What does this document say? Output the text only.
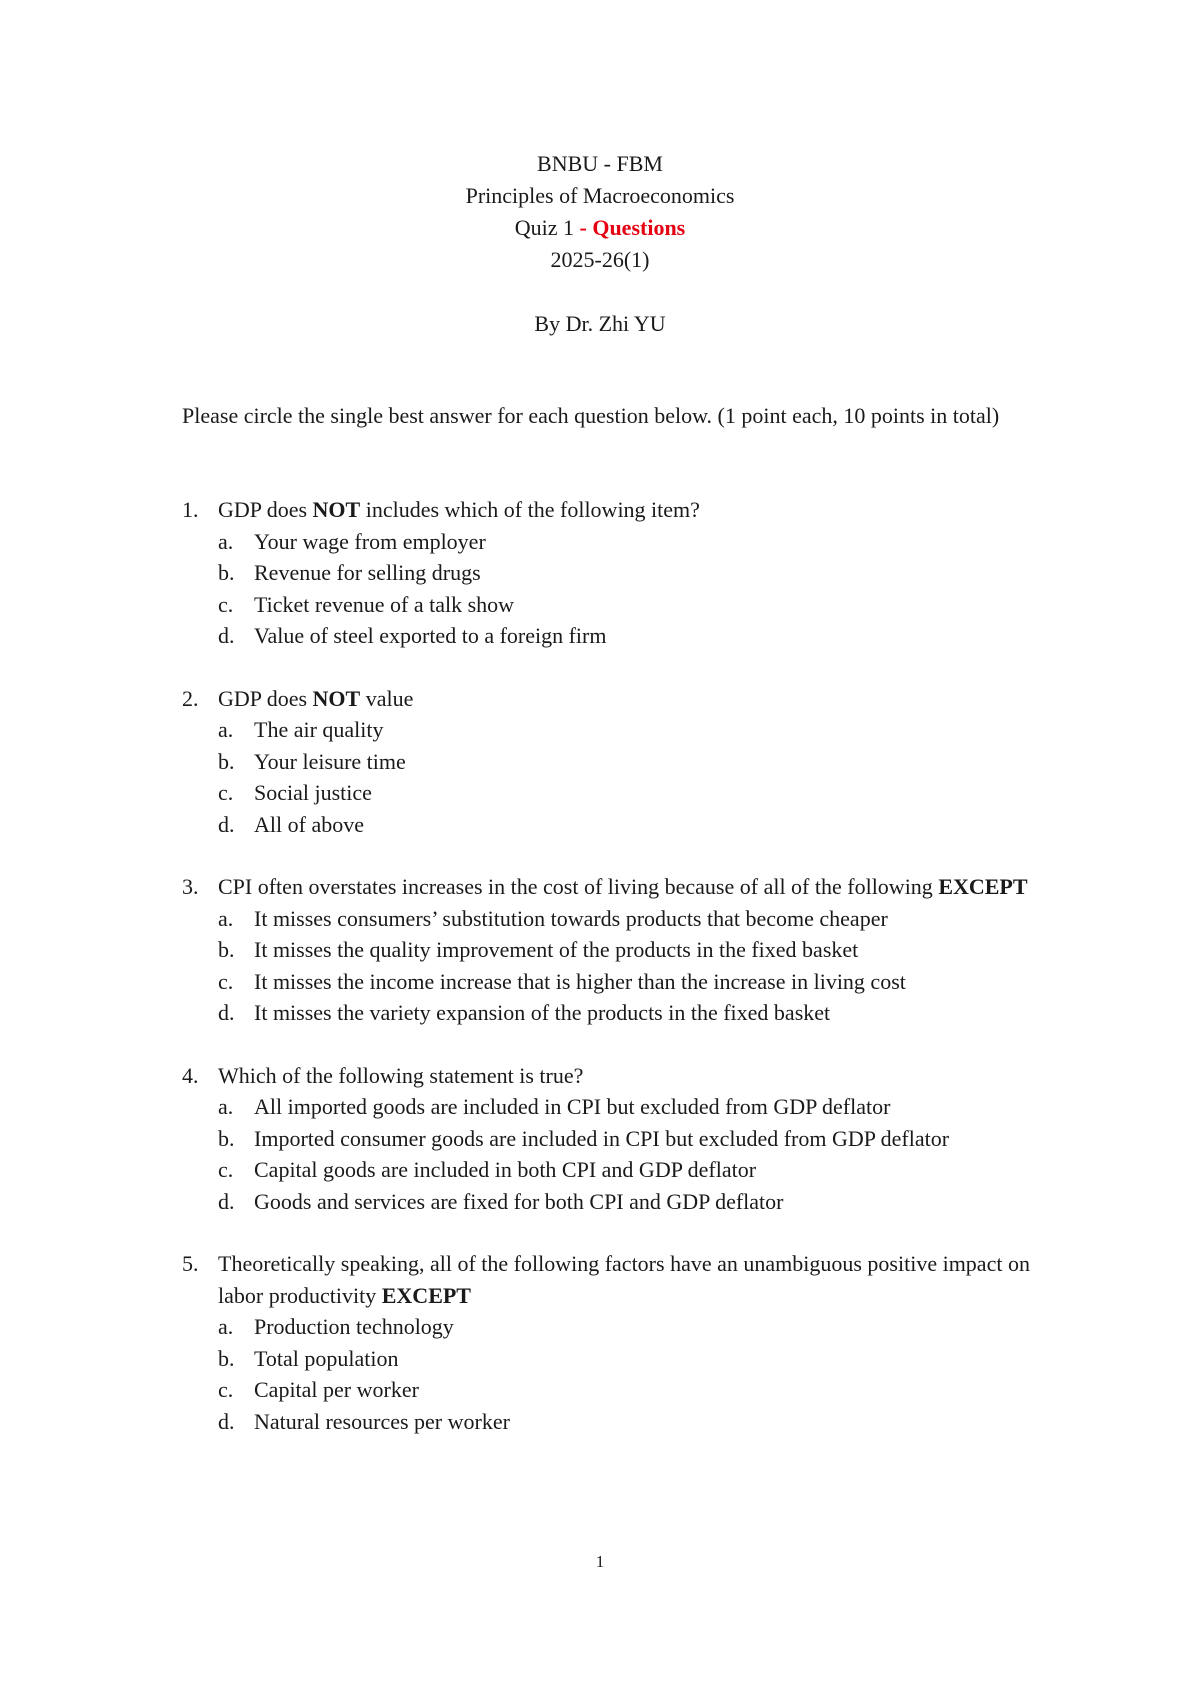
BNBU - FBM
Principles of Macroeconomics
Quiz 1 - Questions
2025-26(1)
By Dr. Zhi YU
Please circle the single best answer for each question below. (1 point each, 10 points in total)
1. GDP does NOT includes which of the following item?
a. Your wage from employer
b. Revenue for selling drugs
c. Ticket revenue of a talk show
d. Value of steel exported to a foreign firm
2. GDP does NOT value
a. The air quality
b. Your leisure time
c. Social justice
d. All of above
3. CPI often overstates increases in the cost of living because of all of the following EXCEPT
a. It misses consumers’ substitution towards products that become cheaper
b. It misses the quality improvement of the products in the fixed basket
c. It misses the income increase that is higher than the increase in living cost
d. It misses the variety expansion of the products in the fixed basket
4. Which of the following statement is true?
a. All imported goods are included in CPI but excluded from GDP deflator
b. Imported consumer goods are included in CPI but excluded from GDP deflator
c. Capital goods are included in both CPI and GDP deflator
d. Goods and services are fixed for both CPI and GDP deflator
5. Theoretically speaking, all of the following factors have an unambiguous positive impact on labor productivity EXCEPT
a. Production technology
b. Total population
c. Capital per worker
d. Natural resources per worker
1
